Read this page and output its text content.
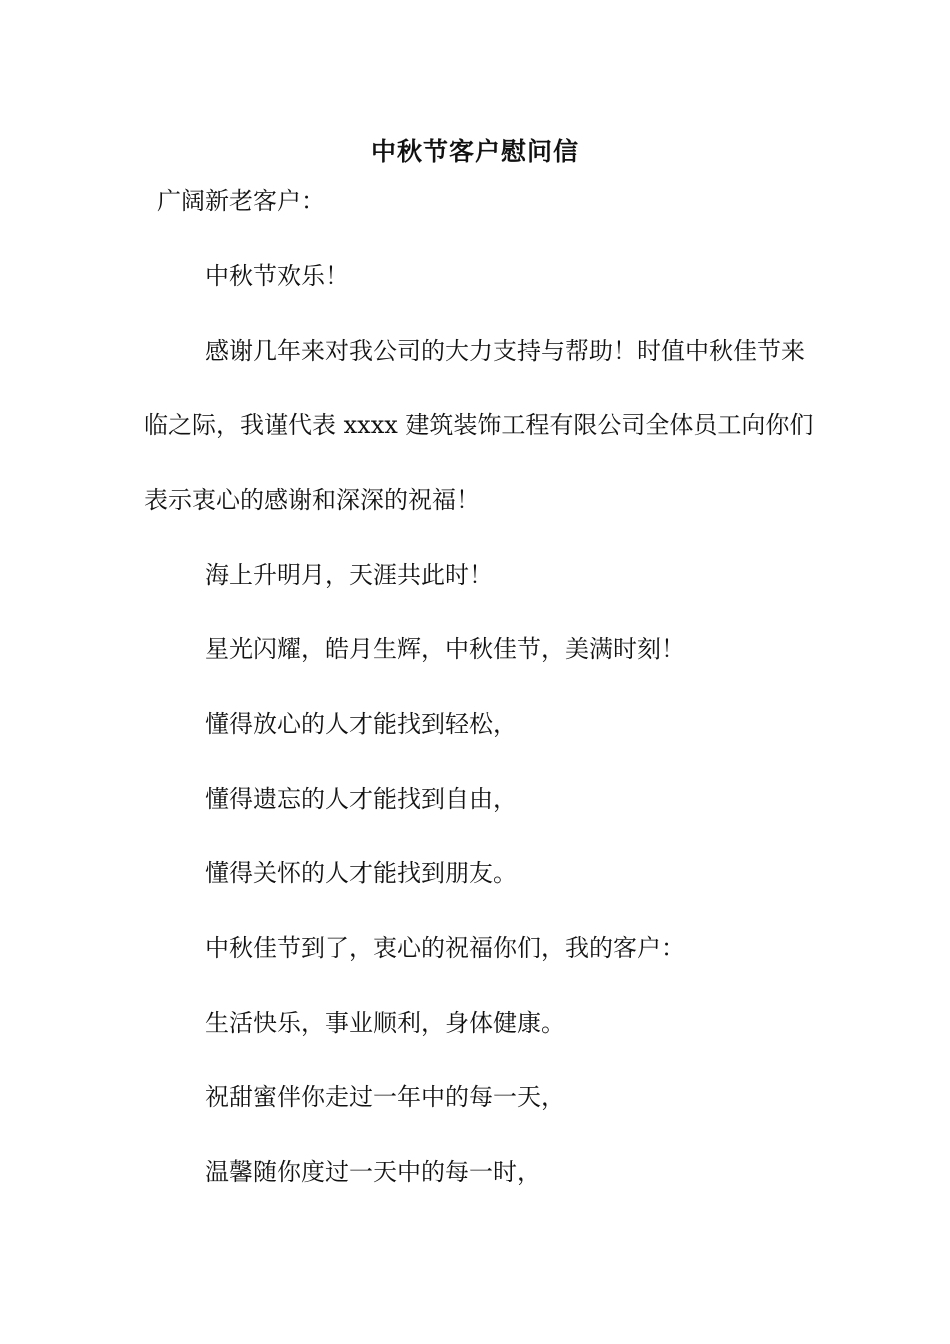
中秋节客户慰问信

广阔新老客户：

中秋节欢乐！

感谢几年来对我公司的大力支持与帮助！时值中秋佳节来

临之际，我谨代表 xxxx 建筑装饰工程有限公司全体员工向你们

表示衷心的感谢和深深的祝福！

海上升明月，天涯共此时！

星光闪耀，皓月生辉，中秋佳节，美满时刻！

懂得放心的人才能找到轻松，

懂得遗忘的人才能找到自由，

懂得关怀的人才能找到朋友。

中秋佳节到了，衷心的祝福你们，我的客户：

生活快乐，事业顺利，身体健康。

祝甜蜜伴你走过一年中的每一天，

温馨随你度过一天中的每一时，
